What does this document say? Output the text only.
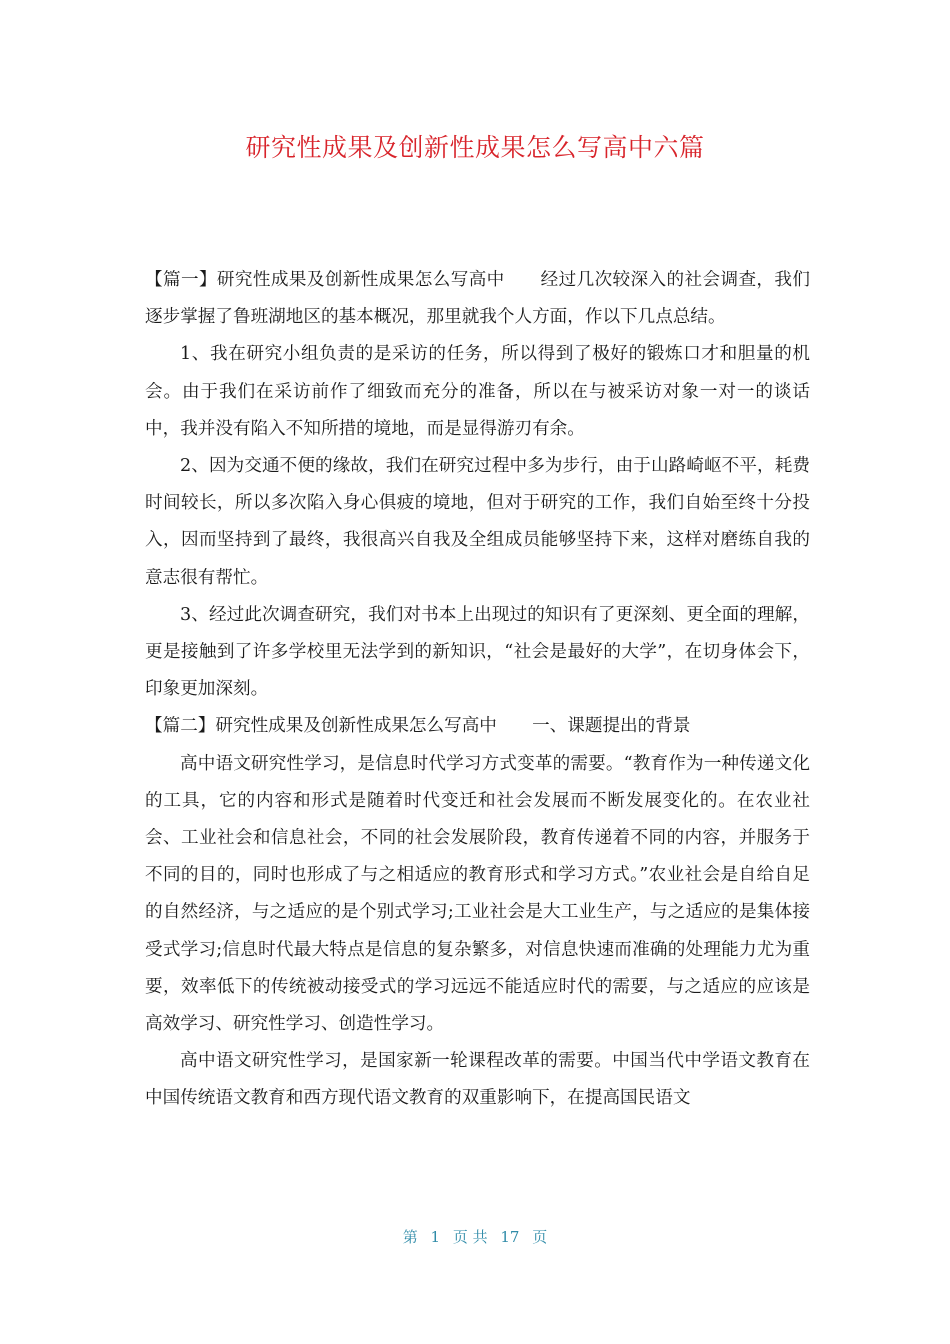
研究性成果及创新性成果怎么写高中六篇

【篇一】研究性成果及创新性成果怎么写高中　　经过几次较深入的社会调查，我们逐步掌握了鲁班湖地区的基本概况，那里就我个人方面，作以下几点总结。

1、我在研究小组负责的是采访的任务，所以得到了极好的锻炼口才和胆量的机会。由于我们在采访前作了细致而充分的准备，所以在与被采访对象一对一的谈话中，我并没有陷入不知所措的境地，而是显得游刃有余。

2、因为交通不便的缘故，我们在研究过程中多为步行，由于山路崎岖不平，耗费时间较长，所以多次陷入身心俱疲的境地，但对于研究的工作，我们自始至终十分投入，因而坚持到了最终，我很高兴自我及全组成员能够坚持下来，这样对磨练自我的意志很有帮忙。

3、经过此次调查研究，我们对书本上出现过的知识有了更深刻、更全面的理解，更是接触到了许多学校里无法学到的新知识，“社会是最好的大学”，在切身体会下，印象更加深刻。

【篇二】研究性成果及创新性成果怎么写高中　　一、课题提出的背景

高中语文研究性学习，是信息时代学习方式变革的需要。“教育作为一种传递文化的工具，它的内容和形式是随着时代变迁和社会发展而不断发展变化的。在农业社会、工业社会和信息社会，不同的社会发展阶段，教育传递着不同的内容，并服务于不同的目的，同时也形成了与之相适应的教育形式和学习方式。”农业社会是自给自足的自然经济，与之适应的是个别式学习;工业社会是大工业生产，与之适应的是集体接受式学习;信息时代最大特点是信息的复杂繁多，对信息快速而准确的处理能力尤为重要，效率低下的传统被动接受式的学习远远不能适应时代的需要，与之适应的应该是高效学习、研究性学习、创造性学习。

高中语文研究性学习，是国家新一轮课程改革的需要。中国当代中学语文教育在中国传统语文教育和西方现代语文教育的双重影响下，在提高国民语文

第 1 页 共 17 页
